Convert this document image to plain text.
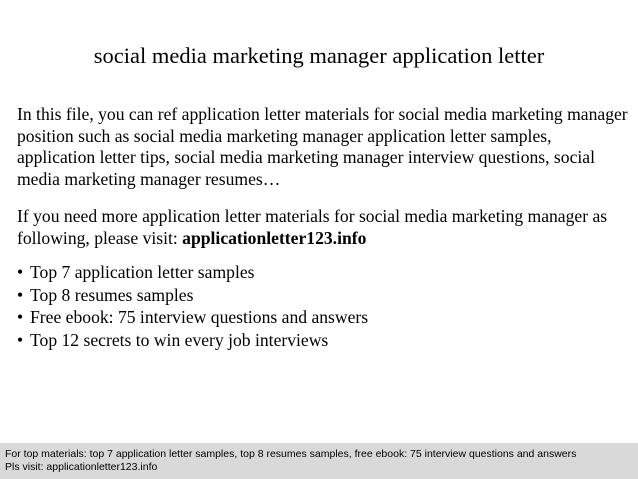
social media marketing manager application letter
In this file, you can ref application letter materials for social media marketing manager position such as social media marketing manager application letter samples, application letter tips, social media marketing manager interview questions, social media marketing manager resumes…
If you need more application letter materials for social media marketing manager as following, please visit: applicationletter123.info
• Top 7 application letter samples
• Top 8 resumes samples
• Free ebook: 75 interview questions and answers
• Top 12 secrets to win every job interviews
For top materials: top 7 application letter samples, top 8 resumes samples, free ebook: 75 interview questions and answers
Pls visit: applicationletter123.info
